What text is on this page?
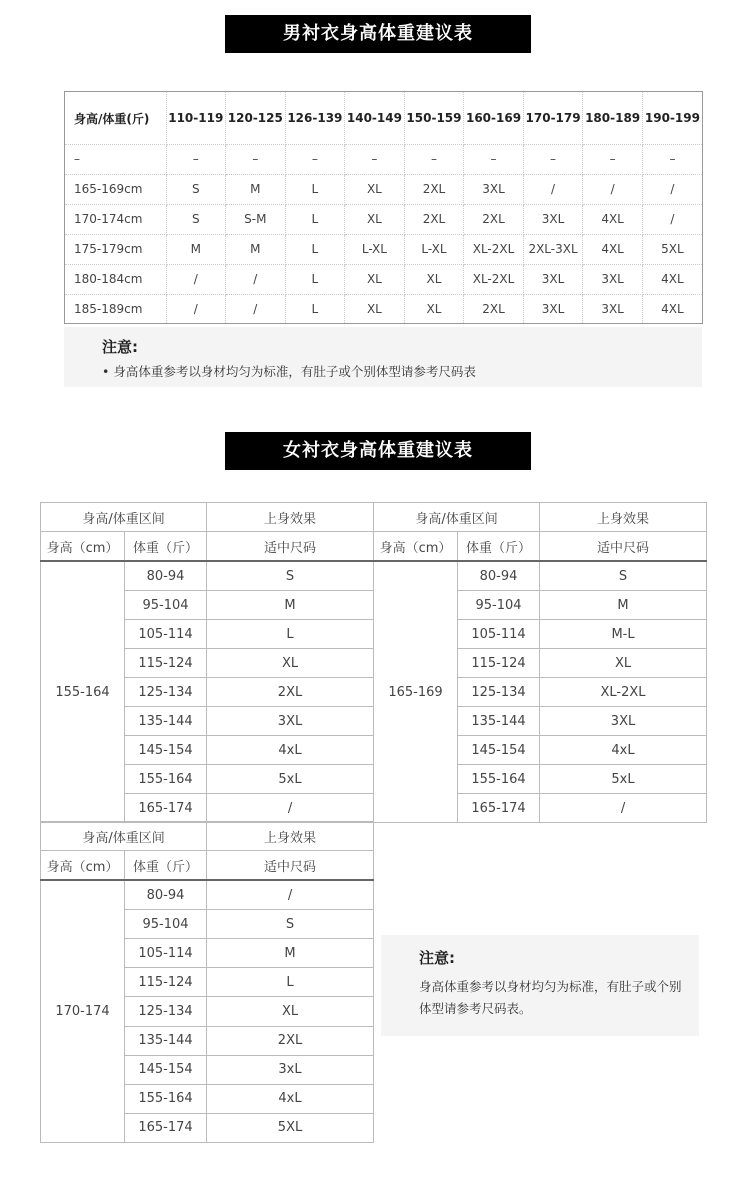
男衬衣身高体重建议表
身高/体重(斤)	110-119	120-125	126-139	140-149	150-159	160-169	170-179	180-189	190-199
–	–	–	–	–	–	–	–	–	–
165-169cm	S	M	L	XL	2XL	3XL	/	/	/
170-174cm	S	S-M	L	XL	2XL	2XL	3XL	4XL	/
175-179cm	M	M	L	L-XL	L-XL	XL-2XL	2XL-3XL	4XL	5XL
180-184cm	/	/	L	XL	XL	XL-2XL	3XL	3XL	4XL
185-189cm	/	/	L	XL	XL	2XL	3XL	3XL	4XL
注意:
• 身高体重参考以身材均匀为标准，有肚子或个别体型请参考尺码表
女衬衣身高体重建议表
身高/体重区间		上身效果
身高（cm）	体重（斤）	适中尺码
155-164	80-94	S
	95-104	M
	105-114	L
	115-124	XL
	125-134	2XL
	135-144	3XL
	145-154	4xL
	155-164	5xL
	165-174	/
身高/体重区间		上身效果
身高（cm）	体重（斤）	适中尺码
165-169	80-94	S
	95-104	M
	105-114	M-L
	115-124	XL
	125-134	XL-2XL
	135-144	3XL
	145-154	4xL
	155-164	5xL
	165-174	/
身高/体重区间		上身效果
身高（cm）	体重（斤）	适中尺码
170-174	80-94	/
	95-104	S
	105-114	M
	115-124	L
	125-134	XL
	135-144	2XL
	145-154	3xL
	155-164	4xL
	165-174	5XL
注意:
身高体重参考以身材均匀为标准，有肚子或个别体型请参考尺码表。
